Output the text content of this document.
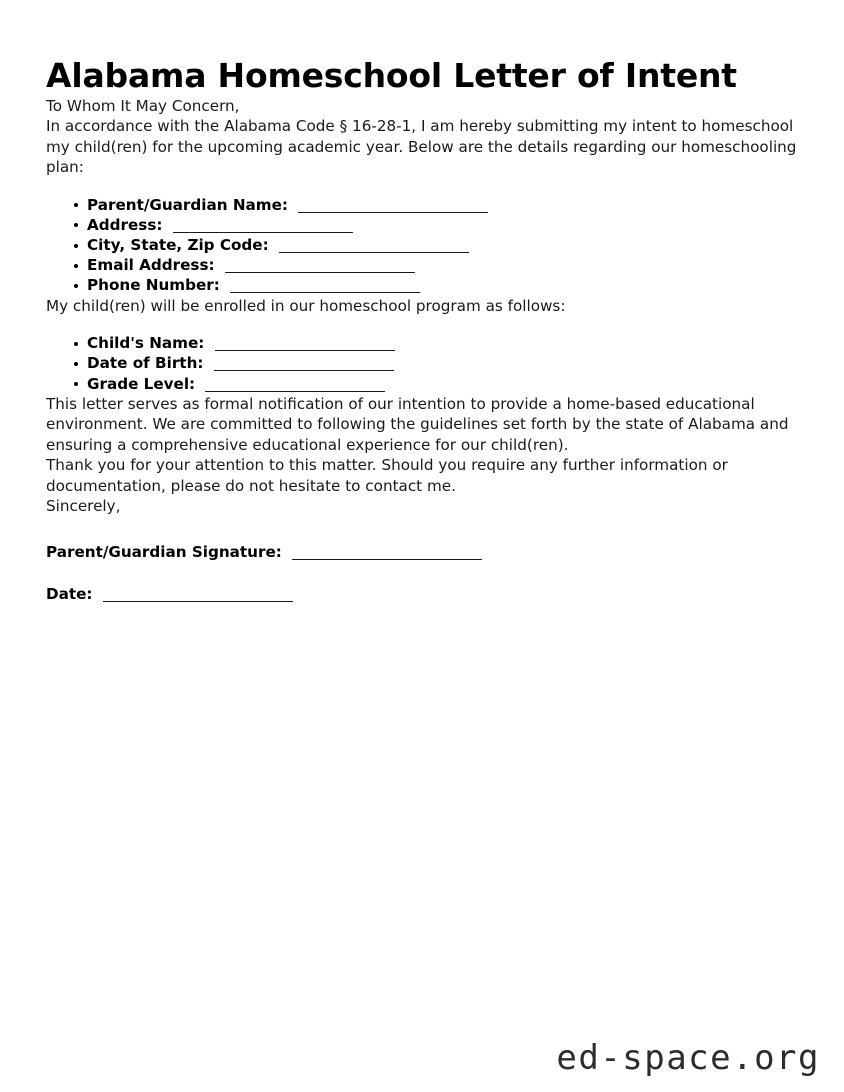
Alabama Homeschool Letter of Intent

To Whom It May Concern,

In accordance with the Alabama Code § 16-28-1, I am hereby submitting my intent to homeschool my child(ren) for the upcoming academic year. Below are the details regarding our homeschooling plan:

Parent/Guardian Name:
Address:
City, State, Zip Code:
Email Address:
Phone Number:

My child(ren) will be enrolled in our homeschool program as follows:

Child's Name:
Date of Birth:
Grade Level:

This letter serves as formal notification of our intention to provide a home-based educational environment. We are committed to following the guidelines set forth by the state of Alabama and ensuring a comprehensive educational experience for our child(ren).

Thank you for your attention to this matter. Should you require any further information or documentation, please do not hesitate to contact me.

Sincerely,

Parent/Guardian Signature:
Date:
ed-space.org
